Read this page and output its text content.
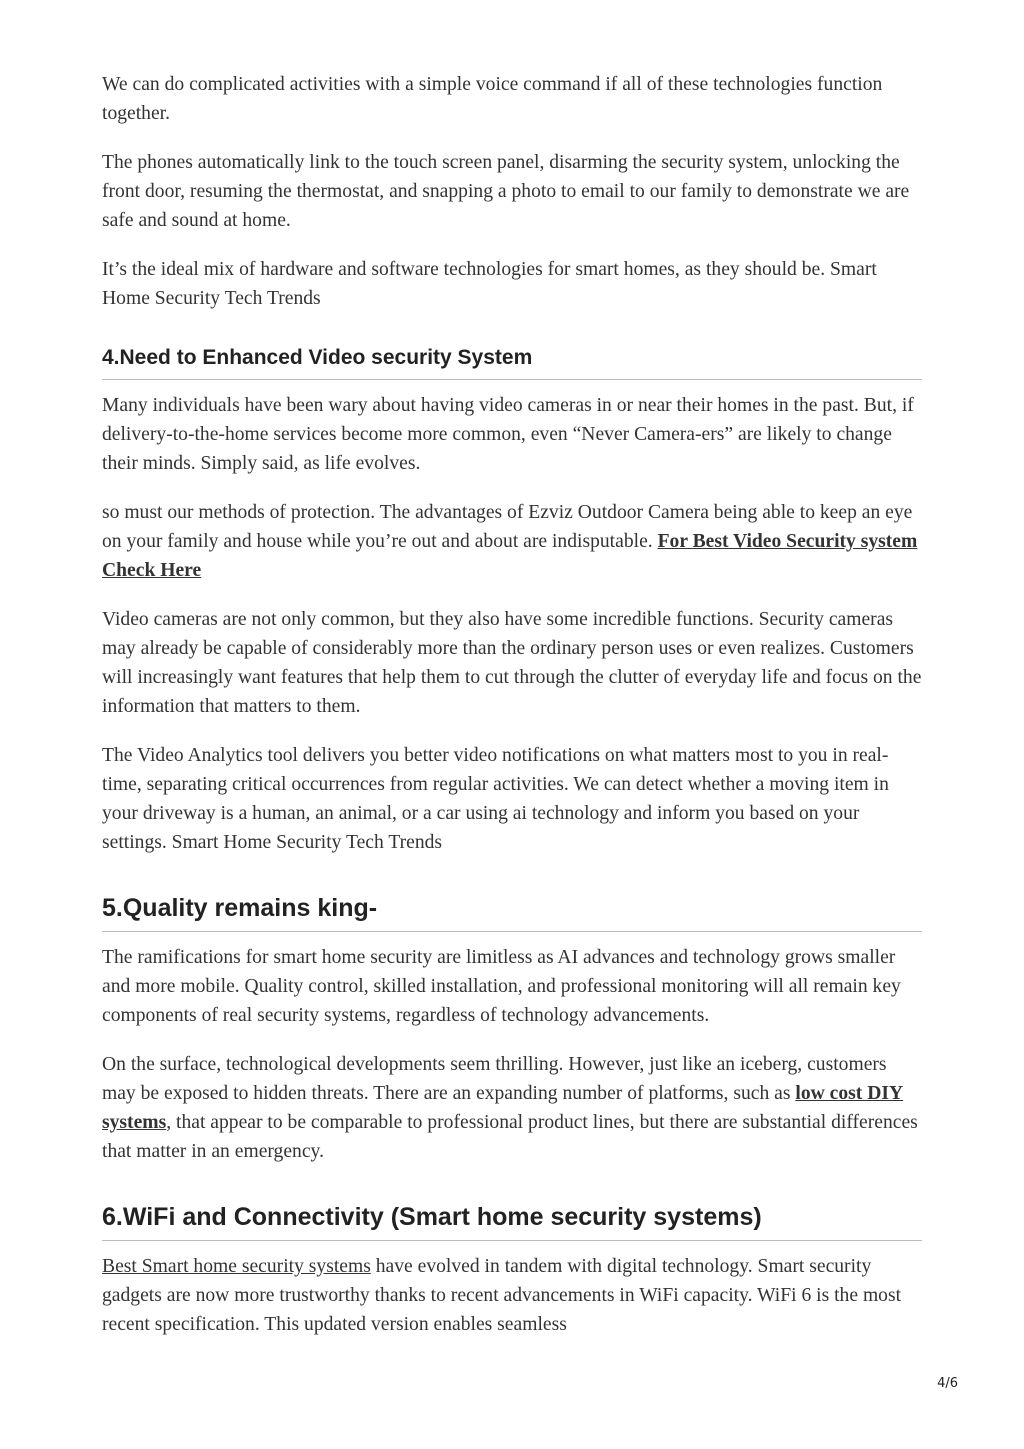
We can do complicated activities with a simple voice command if all of these technologies function together.

The phones automatically link to the touch screen panel, disarming the security system, unlocking the front door, resuming the thermostat, and snapping a photo to email to our family to demonstrate we are safe and sound at home.

It’s the ideal mix of hardware and software technologies for smart homes, as they should be. Smart Home Security Tech Trends

4.Need to Enhanced Video security System

Many individuals have been wary about having video cameras in or near their homes in the past. But, if delivery-to-the-home services become more common, even “Never Camera-ers” are likely to change their minds. Simply said, as life evolves.

so must our methods of protection. The advantages of Ezviz Outdoor Camera being able to keep an eye on your family and house while you’re out and about are indisputable. For Best Video Security system Check Here

Video cameras are not only common, but they also have some incredible functions. Security cameras may already be capable of considerably more than the ordinary person uses or even realizes. Customers will increasingly want features that help them to cut through the clutter of everyday life and focus on the information that matters to them.

The Video Analytics tool delivers you better video notifications on what matters most to you in real-time, separating critical occurrences from regular activities. We can detect whether a moving item in your driveway is a human, an animal, or a car using ai technology and inform you based on your settings. Smart Home Security Tech Trends

5.Quality remains king-

The ramifications for smart home security are limitless as AI advances and technology grows smaller and more mobile. Quality control, skilled installation, and professional monitoring will all remain key components of real security systems, regardless of technology advancements.

On the surface, technological developments seem thrilling. However, just like an iceberg, customers may be exposed to hidden threats. There are an expanding number of platforms, such as low cost DIY systems, that appear to be comparable to professional product lines, but there are substantial differences that matter in an emergency.

6.WiFi and Connectivity (Smart home security systems)

Best Smart home security systems have evolved in tandem with digital technology. Smart security gadgets are now more trustworthy thanks to recent advancements in WiFi capacity. WiFi 6 is the most recent specification. This updated version enables seamless

4/6
